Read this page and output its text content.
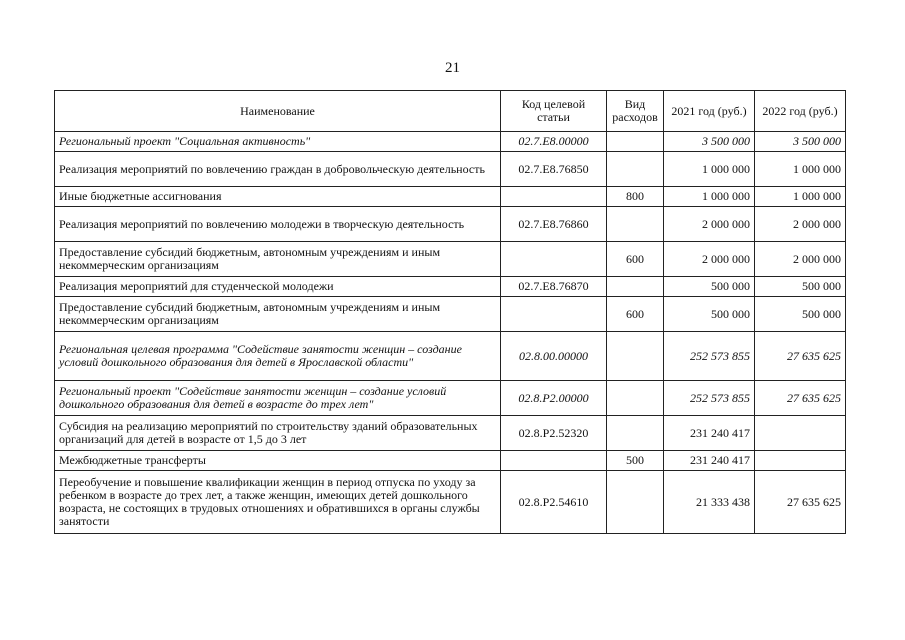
21
Наименование	Код целевой статьи	Вид расходов	2021 год (руб.)	2022 год (руб.)
Региональный проект "Социальная активность"	02.7.Е8.00000		3 500 000	3 500 000
Реализация мероприятий по вовлечению граждан в добровольческую деятельность	02.7.Е8.76850		1 000 000	1 000 000
Иные бюджетные ассигнования		800	1 000 000	1 000 000
Реализация мероприятий по вовлечению молодежи в творческую деятельность	02.7.Е8.76860		2 000 000	2 000 000
Предоставление субсидий бюджетным, автономным учреждениям и иным некоммерческим организациям		600	2 000 000	2 000 000
Реализация мероприятий для студенческой молодежи	02.7.Е8.76870		500 000	500 000
Предоставление субсидий бюджетным, автономным учреждениям и иным некоммерческим организациям		600	500 000	500 000
Региональная целевая программа "Содействие занятости женщин – создание условий дошкольного образования для детей в Ярославской области"	02.8.00.00000		252 573 855	27 635 625
Региональный проект "Содействие занятости женщин – создание условий дошкольного образования для детей в возрасте до трех лет"	02.8.Р2.00000		252 573 855	27 635 625
Субсидия на реализацию мероприятий по строительству зданий образовательных организаций для детей в возрасте от 1,5 до 3 лет	02.8.Р2.52320		231 240 417	
Межбюджетные трансферты		500	231 240 417	
Переобучение и повышение квалификации женщин в период отпуска по уходу за ребенком в возрасте до трех лет, а также женщин, имеющих детей дошкольного возраста, не состоящих в трудовых отношениях и обратившихся в органы службы занятости	02.8.Р2.54610		21 333 438	27 635 625
